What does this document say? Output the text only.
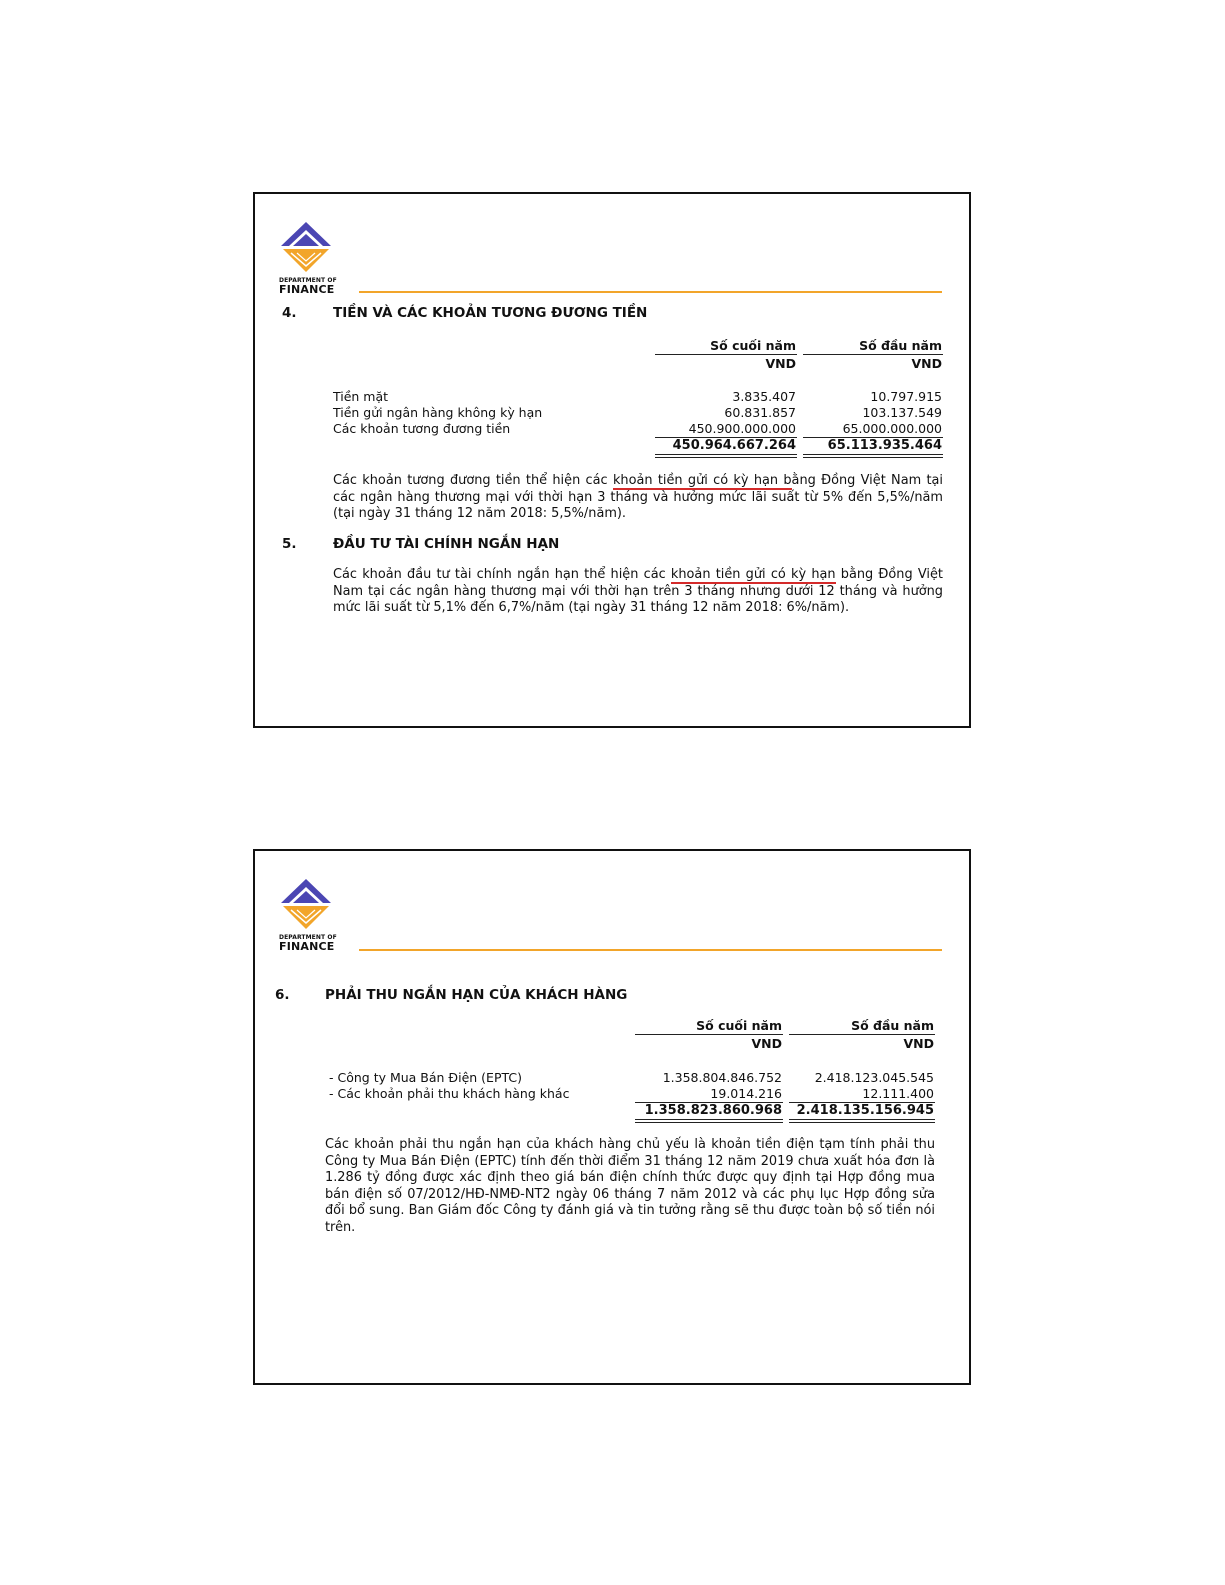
DEPARTMENT OF
FINANCE
4.	TIỀN VÀ CÁC KHOẢN TƯƠNG ĐƯƠNG TIỀN
Số cuối năm	Số đầu năm
VND	VND
Tiền mặt	3.835.407	10.797.915
Tiền gửi ngân hàng không kỳ hạn	60.831.857	103.137.549
Các khoản tương đương tiền	450.900.000.000	65.000.000.000
450.964.667.264	65.113.935.464
Các khoản tương đương tiền thể hiện các khoản tiền gửi có kỳ hạn bằng Đồng Việt Nam tại các ngân hàng thương mại với thời hạn 3 tháng và hưởng mức lãi suất từ 5% đến 5,5%/năm (tại ngày 31 tháng 12 năm 2018: 5,5%/năm).
5.	ĐẦU TƯ TÀI CHÍNH NGẮN HẠN
Các khoản đầu tư tài chính ngắn hạn thể hiện các khoản tiền gửi có kỳ hạn bằng Đồng Việt Nam tại các ngân hàng thương mại với thời hạn trên 3 tháng nhưng dưới 12 tháng và hưởng mức lãi suất từ 5,1% đến 6,7%/năm (tại ngày 31 tháng 12 năm 2018: 6%/năm).
DEPARTMENT OF
FINANCE
6.	PHẢI THU NGẮN HẠN CỦA KHÁCH HÀNG
Số cuối năm	Số đầu năm
VND	VND
- Công ty Mua Bán Điện (EPTC)	1.358.804.846.752	2.418.123.045.545
- Các khoản phải thu khách hàng khác	19.014.216	12.111.400
1.358.823.860.968	2.418.135.156.945
Các khoản phải thu ngắn hạn của khách hàng chủ yếu là khoản tiền điện tạm tính phải thu Công ty Mua Bán Điện (EPTC) tính đến thời điểm 31 tháng 12 năm 2019 chưa xuất hóa đơn là 1.286 tỷ đồng được xác định theo giá bán điện chính thức được quy định tại Hợp đồng mua bán điện số 07/2012/HĐ-NMĐ-NT2 ngày 06 tháng 7 năm 2012 và các phụ lục Hợp đồng sửa đổi bổ sung. Ban Giám đốc Công ty đánh giá và tin tưởng rằng sẽ thu được toàn bộ số tiền nói trên.
